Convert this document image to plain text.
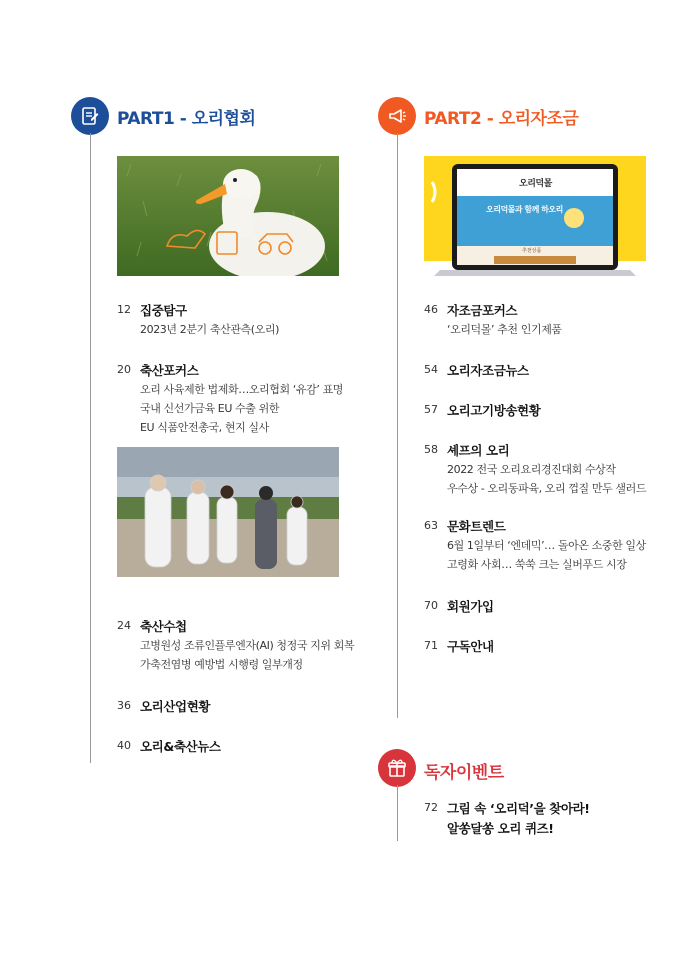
PART1 - 오리협회
12 집중탐구
2023년 2분기 축산관측(오리)
20 축산포커스
오리 사육제한 법제화…오리협회 ‘유감’ 표명
국내 신선가금육 EU 수출 위한
EU 식품안전총국, 현지 실사
24 축산수첩
고병원성 조류인플루엔자(AI) 청정국 지위 회복
가축전염병 예방법 시행령 일부개정
36 오리산업현황
40 오리&축산뉴스
PART2 - 오리자조금
오리덕몰
오리덕몰과 함께 하오리
추천상품
46 자조금포커스
‘오리덕몰’ 추천 인기제품
54 오리자조금뉴스
57 오리고기방송현황
58 셰프의 오리
2022 전국 오리요리경진대회 수상작
우수상 - 오리동파육, 오리 껍질 만두 샐러드
63 문화트렌드
6월 1일부터 ‘엔데믹’… 돌아온 소중한 일상
고령화 사회… 쑥쑥 크는 실버푸드 시장
70 회원가입
71 구독안내
독자이벤트
72 그림 속 ‘오리덕’을 찾아라!
알쏭달쏭 오리 퀴즈!
